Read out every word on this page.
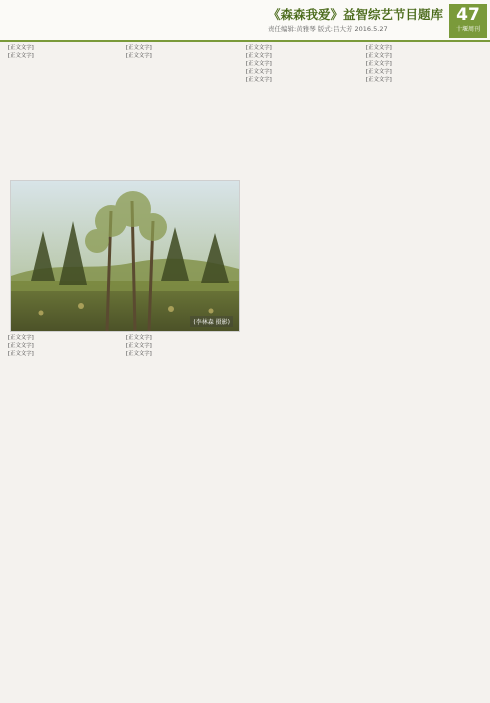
《森森我爱》益智综艺节目题库
责任编辑:黄雅琴 版式:吕大芳 2016.5.27
47
十堰周刊

[正文文字]

[正文文字]

[正文文字]

[正文文字]

(李林森 摄影)

[正文文字]

[正文文字]

[正文文字]

[正文文字]

[正文文字]

[正文文字]

[正文文字]

[正文文字]

[正文文字]

[正文文字]

[正文文字]

[正文文字]

[正文文字]

[正文文字]

[正文文字]

[正文文字]
